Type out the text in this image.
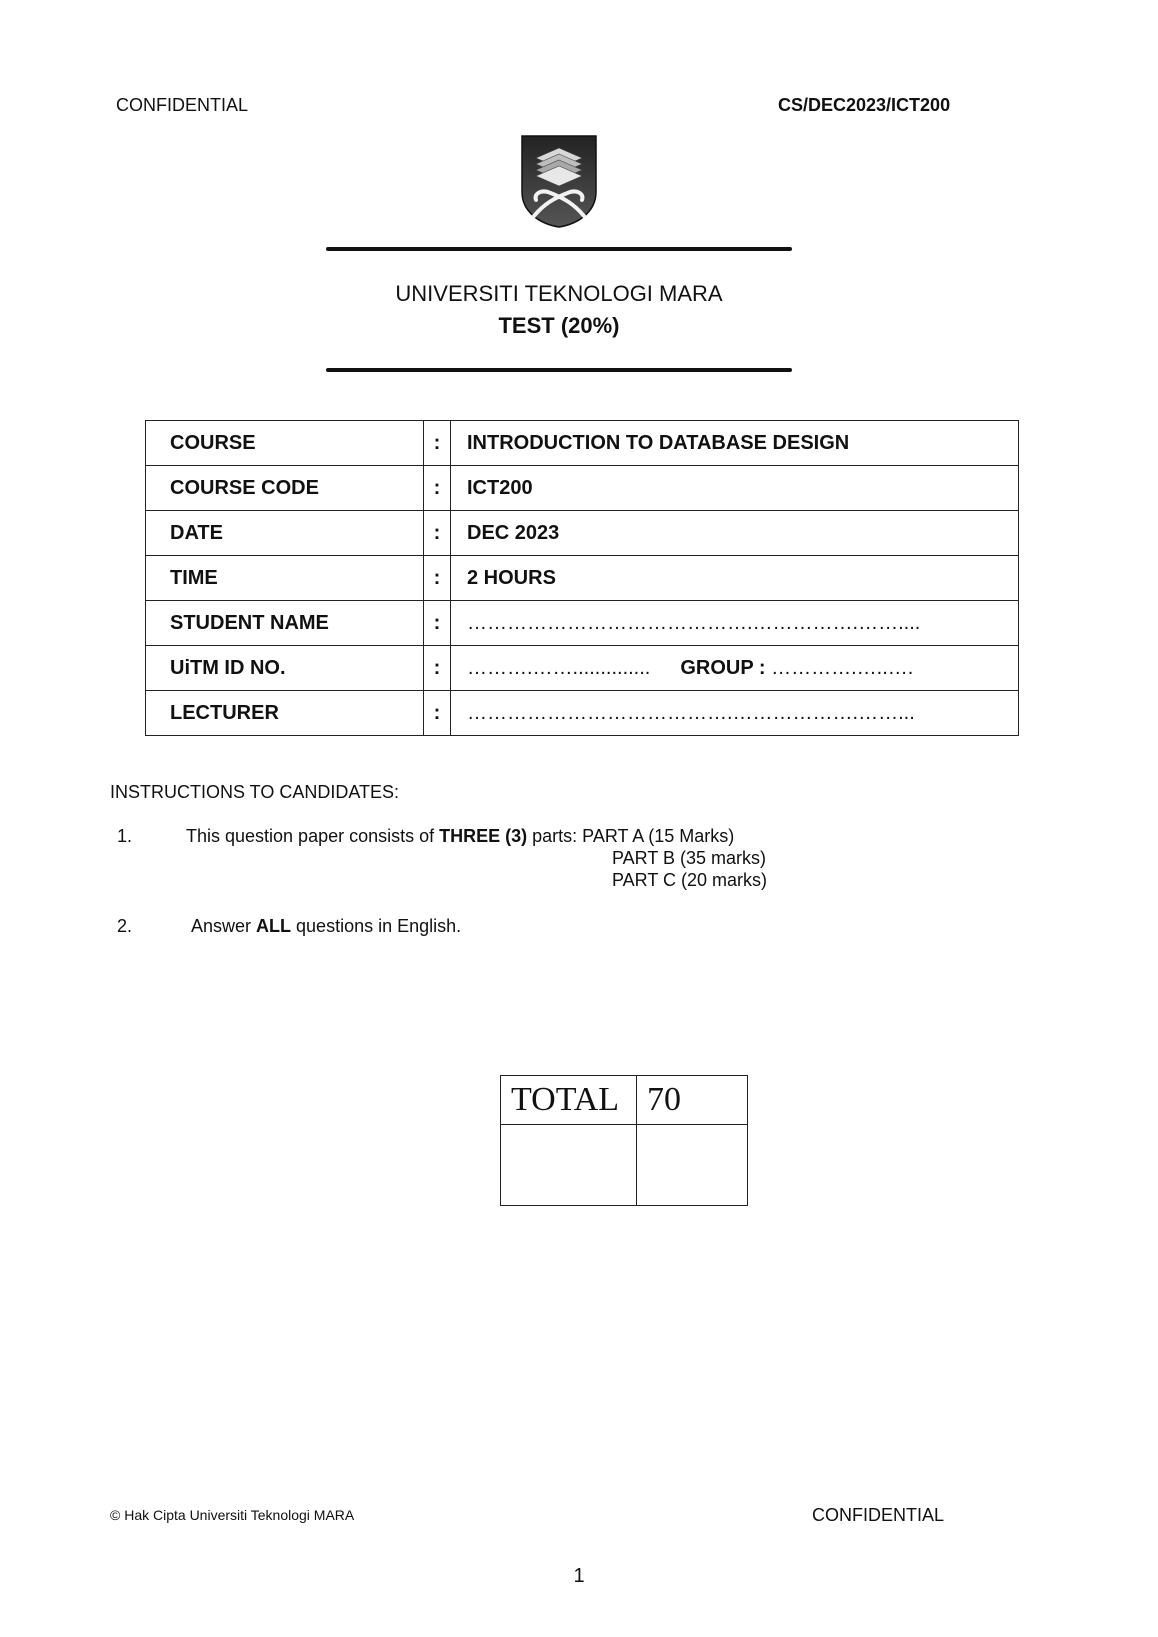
CONFIDENTIAL	CS/DEC2023/ICT200
UNIVERSITI TEKNOLOGI MARA
TEST (20%)
COURSE	:	INTRODUCTION TO DATABASE DESIGN
COURSE CODE	:	ICT200
DATE	:	DEC 2023
TIME	:	2 HOURS
STUDENT NAME	:	…………………………………….…………….……....
UiTM ID NO.	:	……….…….............. GROUP : ………….…..….
LECTURER	:	………………………………….……………….……...
INSTRUCTIONS TO CANDIDATES:
1.	This question paper consists of THREE (3) parts: PART A (15 Marks)
PART B (35 marks)
PART C (20 marks)
2.	Answer ALL questions in English.
TOTAL	70

© Hak Cipta Universiti Teknologi MARA	CONFIDENTIAL
1
